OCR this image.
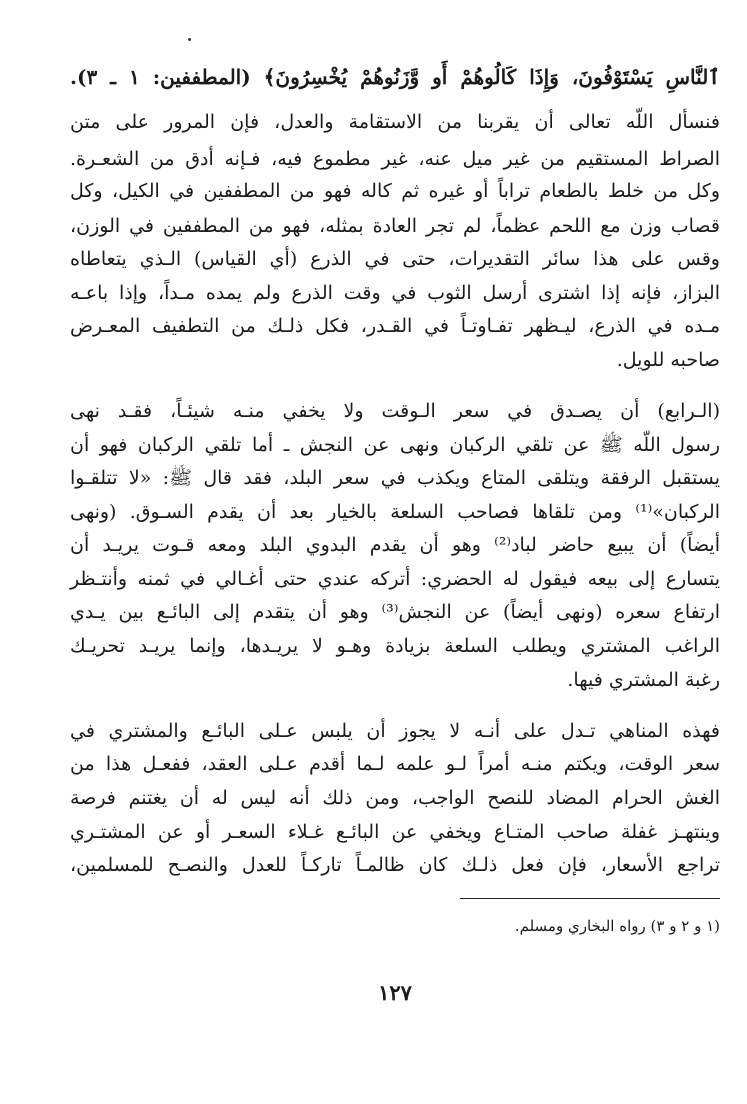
ٱلنَّاسِ يَسْتَوْفُونَ، وَإِذَا كَالُوهُمْ أَو وَّزَنُوهُمْ يُخْسِرُونَ﴾ (المطففين: ١ ـ ٣).
فنسأل اللّه تعالى أن يقربنا من الاستقامة والعدل، فإن المرور على متن
الصراط المستقيم من غير ميل عنه، غير مطموع فيه، فـإنه أدق من الشعـرة.
وكل من خلط بالطعام تراباً أو غيره ثم كاله فهو من المطففين في الكيل، وكل
قصاب وزن مع اللحم عظماً، لم تجر العادة بمثله، فهو من المطففين في الوزن،
وقس على هذا سائر التقديرات، حتى في الذرع (أي القياس) الـذي يتعاطاه
البزاز، فإنه إذا اشترى أرسل الثوب في وقت الذرع ولم يمده مـداً، وإذا باعـه
مـده في الذرع، ليـظهر تفـاوتـاً في القـدر، فكل ذلـك من التطفيف المعـرض
صاحبه للويل.
(الـرابع) أن يصـدق في سعر الـوقت ولا يخفي منـه شيئـاً، فقـد نهى
رسول اللّه ﷺ عن تلقي الركبان ونهى عن النجش ـ أما تلقي الركبان فهو أن
يستقبل الرفقة ويتلقى المتاع ويكذب في سعر البلد، فقد قال ﷺ: «لا تتلقـوا
الركبان»⁽¹⁾ ومن تلقاها فصاحب السلعة بالخيار بعد أن يقدم السـوق. (ونهى
أيضاً) أن يبيع حاضر لباد⁽²⁾ وهو أن يقدم البدوي البلد ومعه قـوت يريـد أن
يتسارع إلى بيعه فيقول له الحضري: أتركه عندي حتى أغـالي في ثمنه وأنتـظر
ارتفاع سعره (ونهى أيضاً) عن النجش⁽³⁾ وهو أن يتقدم إلى البائـع بين يـدي
الراغب المشتري ويطلب السلعة بزيادة وهـو لا يريـدها، وإنما يريـد تحريـك
رغبة المشتري فيها.
فهذه المناهي تـدل على أنـه لا يجوز أن يلبس عـلى البائـع والمشتري في
سعر الوقت، ويكتم منـه أمراً لـو علمه لـما أقدم عـلى العقد، ففعـل هذا من
الغش الحرام المضاد للنصح الواجب، ومن ذلك أنه ليس له أن يغتنم فرصة
وينتهـز غفلة صاحب المتـاع ويخفي عن البائـع غـلاء السعـر أو عن المشتـري
تراجع الأسعار، فإن فعل ذلـك كان ظالمـاً تاركـاً للعدل والنصـح للمسلمين،
(١ و ٢ و ٣) رواه البخاري ومسلم.
١٢٧
